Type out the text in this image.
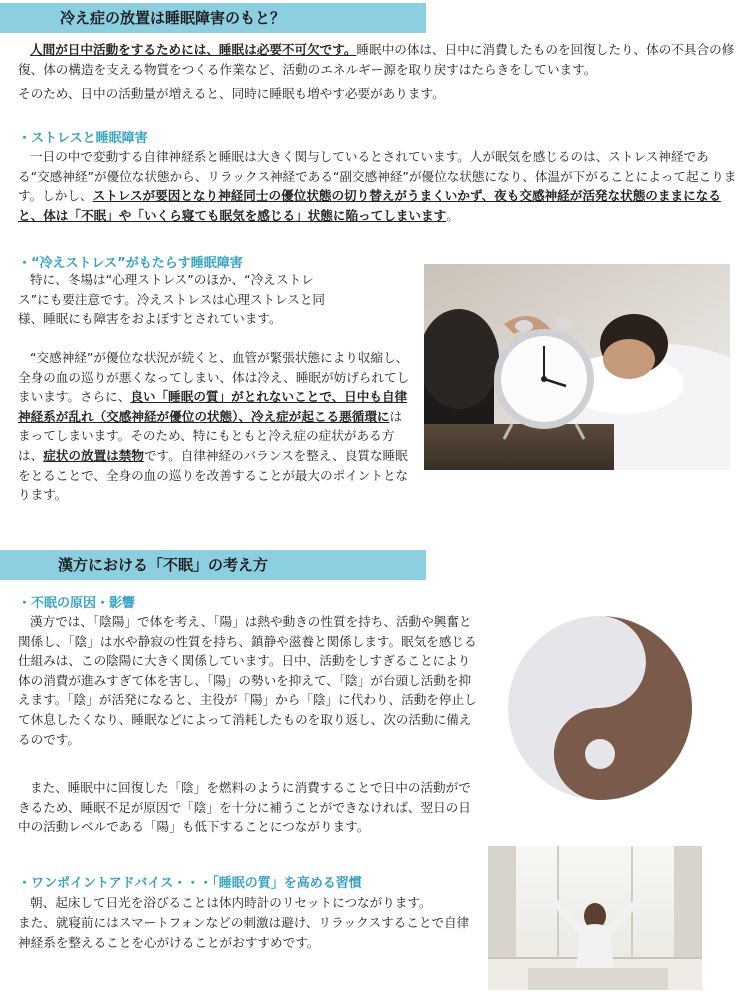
冷え症の放置は睡眠障害のもと？
人間が日中活動をするためには、睡眠は必要不可欠です。睡眠中の体は、日中に消費したものを回復したり、体の不具合の修復、体の構造を支える物質をつくる作業など、活動のエネルギー源を取り戻すはたらきをしています。
そのため、日中の活動量が増えると、同時に睡眠も増やす必要があります。
・ストレスと睡眠障害
一日の中で変動する自律神経系と睡眠は大きく関与しているとされています。人が眠気を感じるのは、ストレス神経である“交感神経”が優位な状態から、リラックス神経である“副交感神経”が優位な状態になり、体温が下がることによって起こります。しかし、ストレスが要因となり神経同士の優位状態の切り替えがうまくいかず、夜も交感神経が活発な状態のままになると、体は「不眠」や「いくら寝ても眠気を感じる」状態に陥ってしまいます。
・“冷えストレス”がもたらす睡眠障害
特に、冬場は“心理ストレス”のほか、“冷えストレス”にも要注意です。冷えストレスは心理ストレスと同様、睡眠にも障害をおよぼすとされています。
“交感神経”が優位な状況が続くと、血管が緊張状態により収縮し、全身の血の巡りが悪くなってしまい、体は冷え、睡眠が妨げられてしまいます。さらに、良い「睡眠の質」がとれないことで、日中も自律神経系が乱れ（交感神経が優位の状態）、冷え症が起こる悪循環にはまってしまいます。そのため、特にもともと冷え症の症状がある方は、症状の放置は禁物です。自律神経のバランスを整え、良質な睡眠をとることで、全身の血の巡りを改善することが最大のポイントとなります。
漢方における「不眠」の考え方
・不眠の原因・影響
漢方では、「陰陽」で体を考え、「陽」は熱や動きの性質を持ち、活動や興奮と関係し、「陰」は水や静寂の性質を持ち、鎮静や滋養と関係します。眠気を感じる仕組みは、この陰陽に大きく関係しています。日中、活動をしすぎることにより体の消費が進みすぎて体を害し、「陽」の勢いを抑えて、「陰」が台頭し活動を抑えます。「陰」が活発になると、主役が「陽」から「陰」に代わり、活動を停止して休息したくなり、睡眠などによって消耗したものを取り返し、次の活動に備えるのです。
また、睡眠中に回復した「陰」を燃料のように消費することで日中の活動ができるため、睡眠不足が原因で「陰」を十分に補うことができなければ、翌日の日中の活動レベルである「陽」も低下することにつながります。
・ワンポイントアドバイス・・・「睡眠の質」を高める習慣
朝、起床して日光を浴びることは体内時計のリセットにつながります。
また、就寝前にはスマートフォンなどの刺激は避け、リラックスすることで自律神経系を整えることを心がけることがおすすめです。
